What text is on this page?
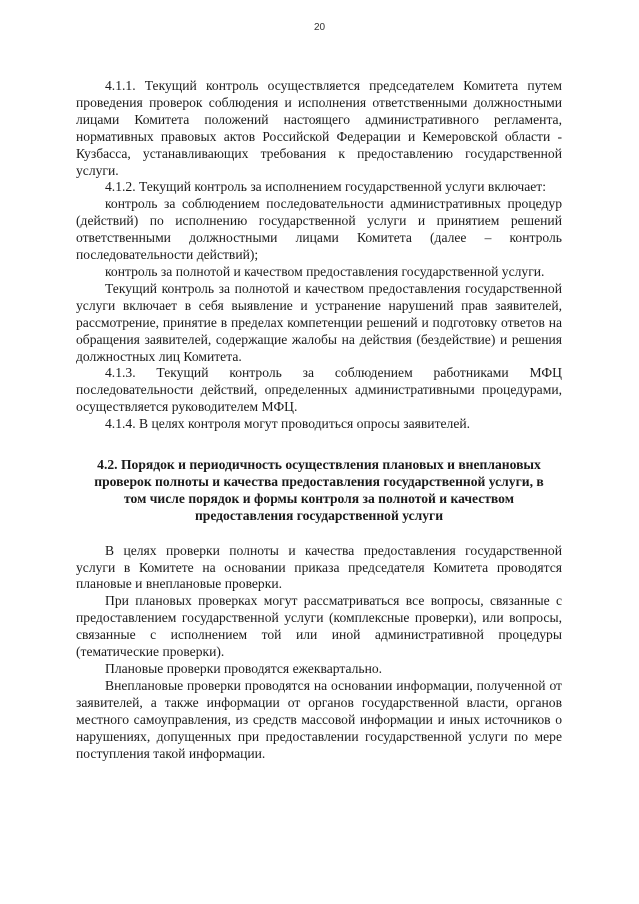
20

4.1.1. Текущий контроль осуществляется председателем Комитета путем проведения проверок соблюдения и исполнения ответственными должностными лицами Комитета положений настоящего административного регламента, нормативных правовых актов Российской Федерации и Кемеровской области - Кузбасса, устанавливающих требования к предоставлению государственной услуги.

4.1.2. Текущий контроль за исполнением государственной услуги включает:

контроль за соблюдением последовательности административных процедур (действий) по исполнению государственной услуги и принятием решений ответственными должностными лицами Комитета (далее – контроль последовательности действий);

контроль за полнотой и качеством предоставления государственной услуги.

Текущий контроль за полнотой и качеством предоставления государственной услуги включает в себя выявление и устранение нарушений прав заявителей, рассмотрение, принятие в пределах компетенции решений и подготовку ответов на обращения заявителей, содержащие жалобы на действия (бездействие) и решения должностных лиц Комитета.

4.1.3. Текущий контроль за соблюдением работниками МФЦ последовательности действий, определенных административными процедурами, осуществляется руководителем МФЦ.

4.1.4. В целях контроля могут проводиться опросы заявителей.

4.2. Порядок и периодичность осуществления плановых и внеплановых проверок полноты и качества предоставления государственной услуги, в том числе порядок и формы контроля за полнотой и качеством предоставления государственной услуги

В целях проверки полноты и качества предоставления государственной услуги в Комитете на основании приказа председателя Комитета проводятся плановые и внеплановые проверки.

При плановых проверках могут рассматриваться все вопросы, связанные с предоставлением государственной услуги (комплексные проверки), или вопросы, связанные с исполнением той или иной административной процедуры (тематические проверки).

Плановые проверки проводятся ежеквартально.

Внеплановые проверки проводятся на основании информации, полученной от заявителей, а также информации от органов государственной власти, органов местного самоуправления, из средств массовой информации и иных источников о нарушениях, допущенных при предоставлении государственной услуги по мере поступления такой информации.
